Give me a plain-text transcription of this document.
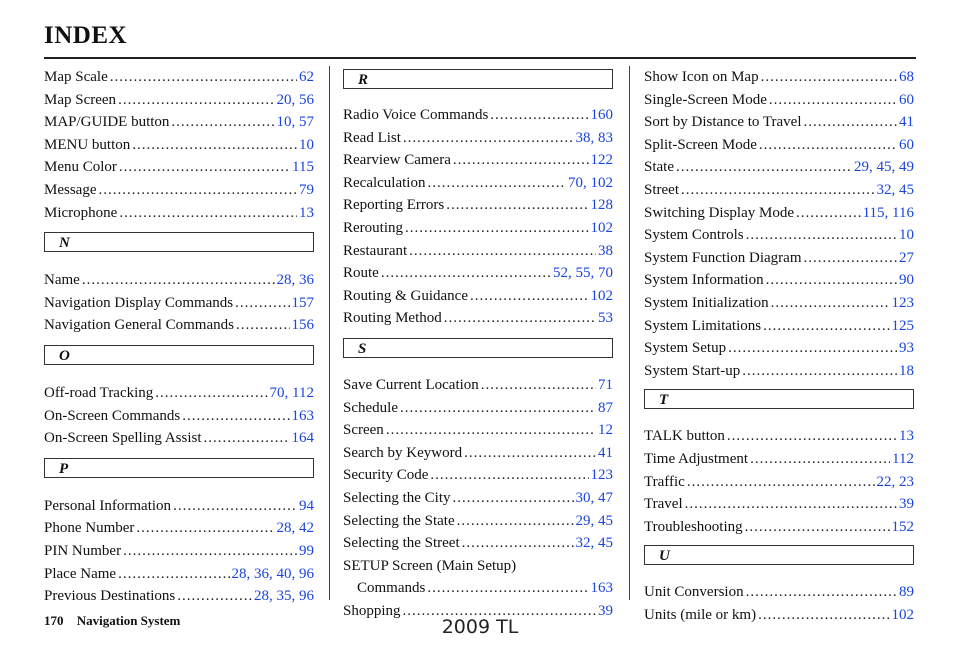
INDEX
Map Scale .....	62
Map Screen .....	20, 56
MAP/GUIDE button .....	10, 57
MENU button .....	10
Menu Color .....	115
Message .....	79
Microphone .....	13
N
Name .....	28, 36
Navigation Display Commands .....	157
Navigation General Commands .....	156
O
Off-road Tracking .....	70, 112
On-Screen Commands .....	163
On-Screen Spelling Assist .....	164
P
Personal Information .....	94
Phone Number .....	28, 42
PIN Number .....	99
Place Name .....	28, 36, 40, 96
Previous Destinations .....	28, 35, 96
R
Radio Voice Commands .....	160
Read List .....	38, 83
Rearview Camera .....	122
Recalculation .....	70, 102
Reporting Errors .....	128
Rerouting .....	102
Restaurant .....	38
Route .....	52, 55, 70
Routing & Guidance .....	102
Routing Method .....	53
S
Save Current Location .....	71
Schedule .....	87
Screen .....	12
Search by Keyword .....	41
Security Code .....	123
Selecting the City .....	30, 47
Selecting the State .....	29, 45
Selecting the Street .....	32, 45
SETUP Screen (Main Setup)
Commands .....	163
Shopping .....	39
Show Icon on Map .....	68
Single-Screen Mode .....	60
Sort by Distance to Travel .....	41
Split-Screen Mode .....	60
State .....	29, 45, 49
Street .....	32, 45
Switching Display Mode .....	115, 116
System Controls .....	10
System Function Diagram .....	27
System Information .....	90
System Initialization .....	123
System Limitations .....	125
System Setup .....	93
System Start-up .....	18
T
TALK button .....	13
Time Adjustment .....	112
Traffic .....	22, 23
Travel .....	39
Troubleshooting .....	152
U
Unit Conversion .....	89
Units (mile or km) .....	102
170 Navigation System	2009 TL
